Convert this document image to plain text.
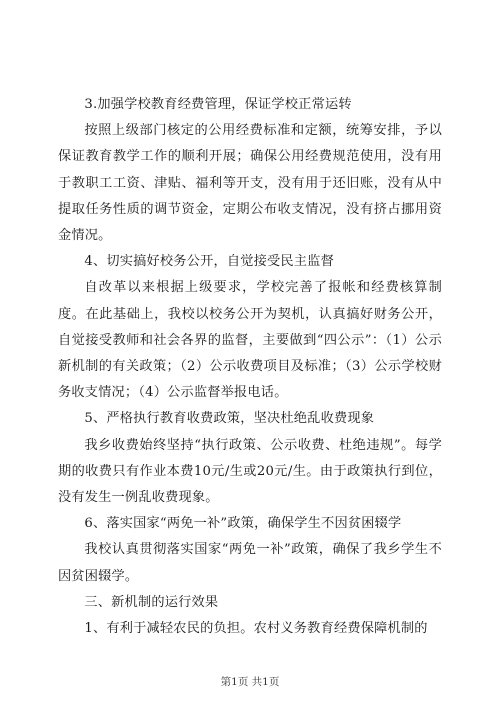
3.加强学校教育经费管理，保证学校正常运转

按照上级部门核定的公用经费标准和定额，统筹安排，予以保证教育教学工作的顺利开展；确保公用经费规范使用，没有用于教职工工资、津贴、福利等开支，没有用于还旧账，没有从中提取任务性质的调节资金，定期公布收支情况，没有挤占挪用资金情况。

4、切实搞好校务公开，自觉接受民主监督

自改革以来根据上级要求，学校完善了报帐和经费核算制度。在此基础上，我校以校务公开为契机，认真搞好财务公开，自觉接受教师和社会各界的监督，主要做到“四公示”：（1）公示新机制的有关政策；（2）公示收费项目及标准；（3）公示学校财务收支情况；（4）公示监督举报电话。

5、严格执行教育收费政策，坚决杜绝乱收费现象

我乡收费始终坚持“执行政策、公示收费、杜绝违规”。每学期的收费只有作业本费10元/生或20元/生。由于政策执行到位，没有发生一例乱收费现象。

6、落实国家“两免一补”政策，确保学生不因贫困辍学

我校认真贯彻落实国家“两免一补”政策，确保了我乡学生不因贫困辍学。

三、新机制的运行效果

1、有利于减轻农民的负担。农村义务教育经费保障机制的

第1页 共1页
